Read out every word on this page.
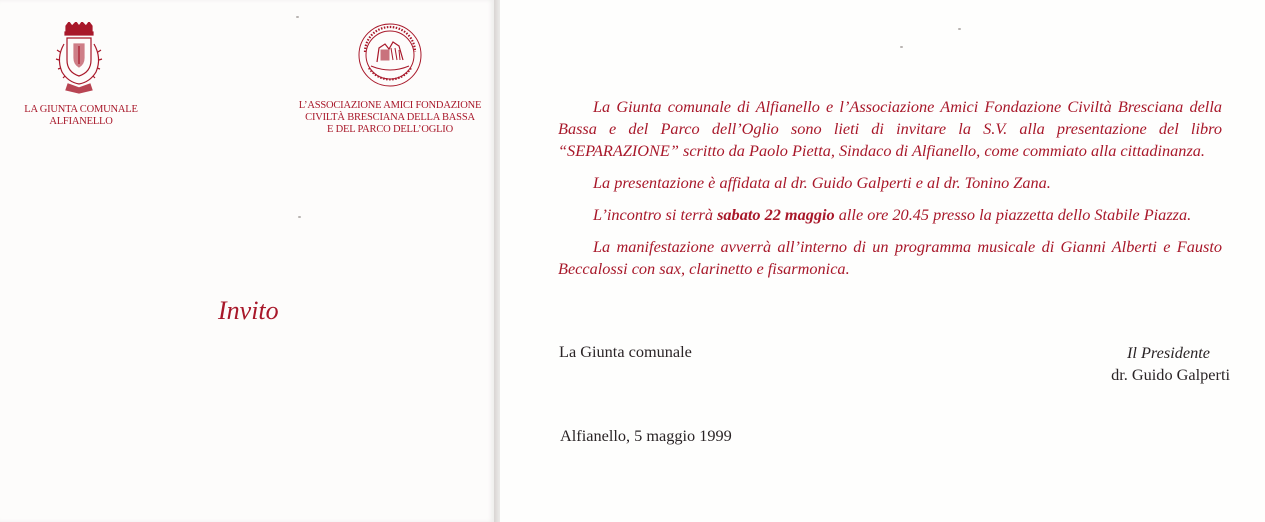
LA GIUNTA COMUNALE
ALFIANELLO
L’ASSOCIAZIONE AMICI FONDAZIONE
CIVILTÀ BRESCIANA DELLA BASSA
E DEL PARCO DELL’OGLIO
Invito

La Giunta comunale di Alfianello e l’Associazione Amici Fondazione Civiltà Bresciana della Bassa e del Parco dell’Oglio sono lieti di invitare la S.V. alla presentazione del libro “SEPARAZIONE” scritto da Paolo Pietta, Sindaco di Alfianello, come commiato alla cittadinanza.

La presentazione è affidata al dr. Guido Galperti e al dr. Tonino Zana.

L’incontro si terrà sabato 22 maggio alle ore 20.45 presso la piazzetta dello Stabile Piazza.

La manifestazione avverrà all’interno di un programma musicale di Gianni Alberti e Fausto Beccalossi con sax, clarinetto e fisarmonica.

La Giunta comunale	Il Presidente
dr. Guido Galperti
Alfianello, 5 maggio 1999
